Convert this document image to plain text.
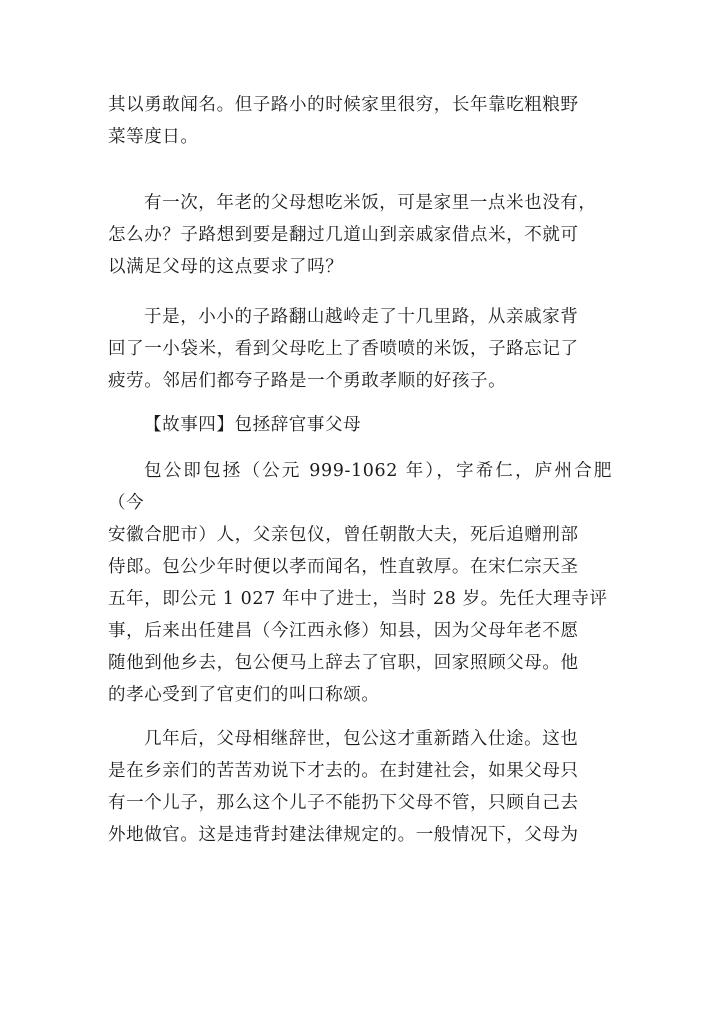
其以勇敢闻名。但子路小的时候家里很穷，长年靠吃粗粮野
菜等度日。

有一次，年老的父母想吃米饭，可是家里一点米也没有，
怎么办？子路想到要是翻过几道山到亲戚家借点米，不就可
以满足父母的这点要求了吗？

于是，小小的子路翻山越岭走了十几里路，从亲戚家背
回了一小袋米，看到父母吃上了香喷喷的米饭，子路忘记了
疲劳。邻居们都夸子路是一个勇敢孝顺的好孩子。

【故事四】包拯辞官事父母

包公即包拯（公元 999-1062 年），字希仁，庐州合肥（今
安徽合肥市）人，父亲包仪，曾任朝散大夫，死后追赠刑部
侍郎。包公少年时便以孝而闻名，性直敦厚。在宋仁宗天圣
五年，即公元 1 027 年中了进士，当时 28 岁。先任大理寺评
事，后来出任建昌（今江西永修）知县，因为父母年老不愿
随他到他乡去，包公便马上辞去了官职，回家照顾父母。他
的孝心受到了官吏们的叫口称颂。

几年后，父母相继辞世，包公这才重新踏入仕途。这也
是在乡亲们的苦苦劝说下才去的。在封建社会，如果父母只
有一个儿子，那么这个儿子不能扔下父母不管，只顾自己去
外地做官。这是违背封建法律规定的。一般情况下，父母为
